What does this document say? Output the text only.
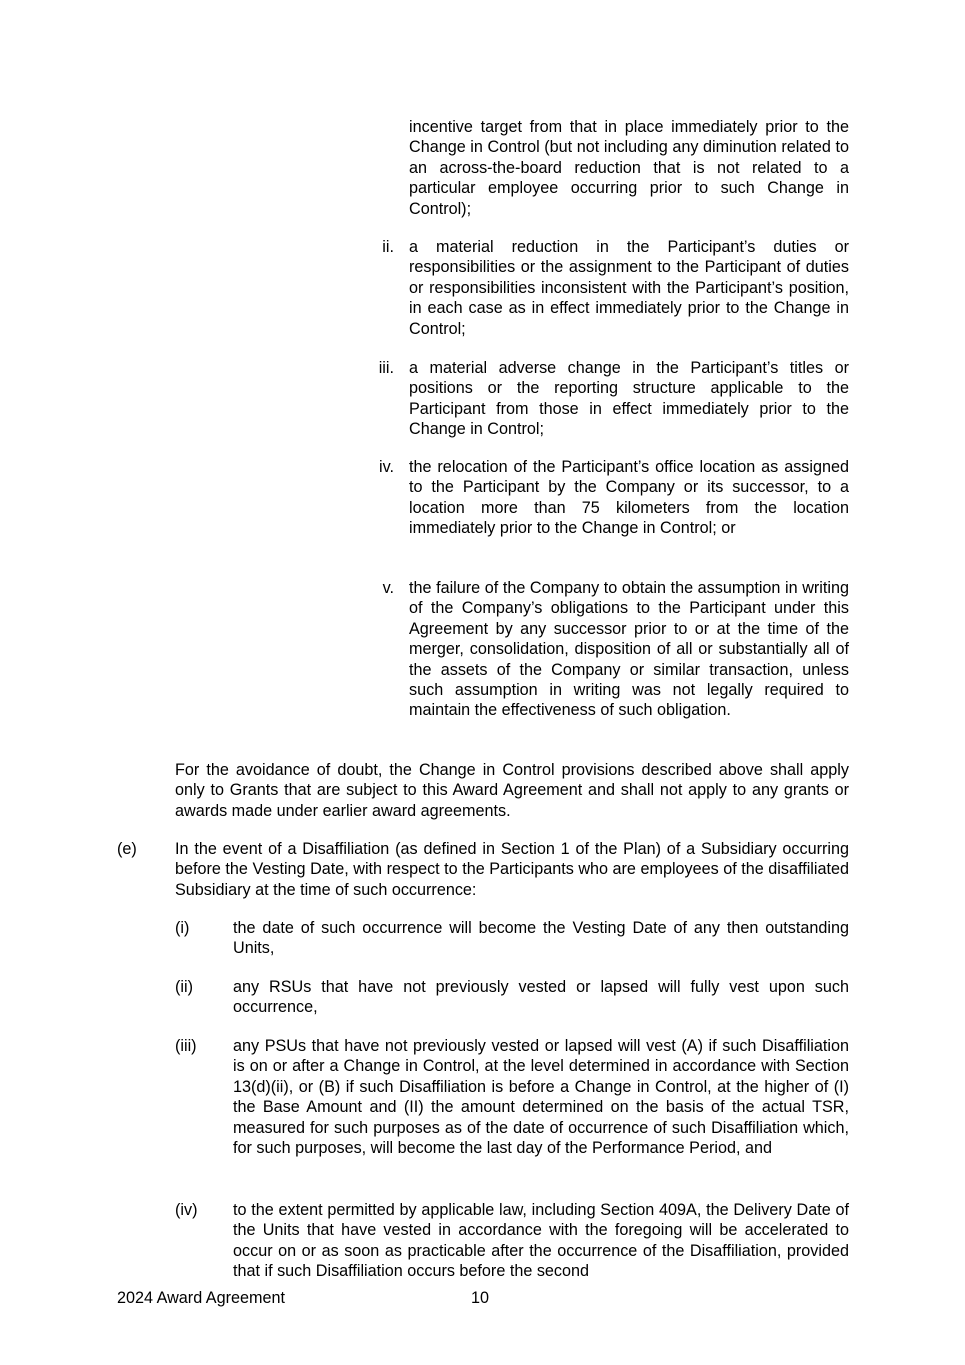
incentive target from that in place immediately prior to the Change in Control (but not including any diminution related to an across-the-board reduction that is not related to a particular employee occurring prior to such Change in Control);

ii. a material reduction in the Participant’s duties or responsibilities or the assignment to the Participant of duties or responsibilities inconsistent with the Participant’s position, in each case as in effect immediately prior to the Change in Control;

iii. a material adverse change in the Participant’s titles or positions or the reporting structure applicable to the Participant from those in effect immediately prior to the Change in Control;

iv. the relocation of the Participant’s office location as assigned to the Participant by the Company or its successor, to a location more than 75 kilometers from the location immediately prior to the Change in Control; or

v. the failure of the Company to obtain the assumption in writing of the Company’s obligations to the Participant under this Agreement by any successor prior to or at the time of the merger, consolidation, disposition of all or substantially all of the assets of the Company or similar transaction, unless such assumption in writing was not legally required to maintain the effectiveness of such obligation.

For the avoidance of doubt, the Change in Control provisions described above shall apply only to Grants that are subject to this Award Agreement and shall not apply to any grants or awards made under earlier award agreements.

(e) In the event of a Disaffiliation (as defined in Section 1 of the Plan) of a Subsidiary occurring before the Vesting Date, with respect to the Participants who are employees of the disaffiliated Subsidiary at the time of such occurrence:

(i)	the date of such occurrence will become the Vesting Date of any then outstanding Units,

(ii) any RSUs that have not previously vested or lapsed will fully vest upon such occurrence,

(iii) any PSUs that have not previously vested or lapsed will vest (A) if such Disaffiliation is on or after a Change in Control, at the level determined in accordance with Section 13(d)(ii), or (B) if such Disaffiliation is before a Change in Control, at the higher of (I) the Base Amount and (II) the amount determined on the basis of the actual TSR, measured for such purposes as of the date of occurrence of such Disaffiliation which, for such purposes, will become the last day of the Performance Period, and

(iv) to the extent permitted by applicable law, including Section 409A, the Delivery Date of the Units that have vested in accordance with the foregoing will be accelerated to occur on or as soon as practicable after the occurrence of the Disaffiliation, provided that if such Disaffiliation occurs before the second

2024 Award Agreement	10
